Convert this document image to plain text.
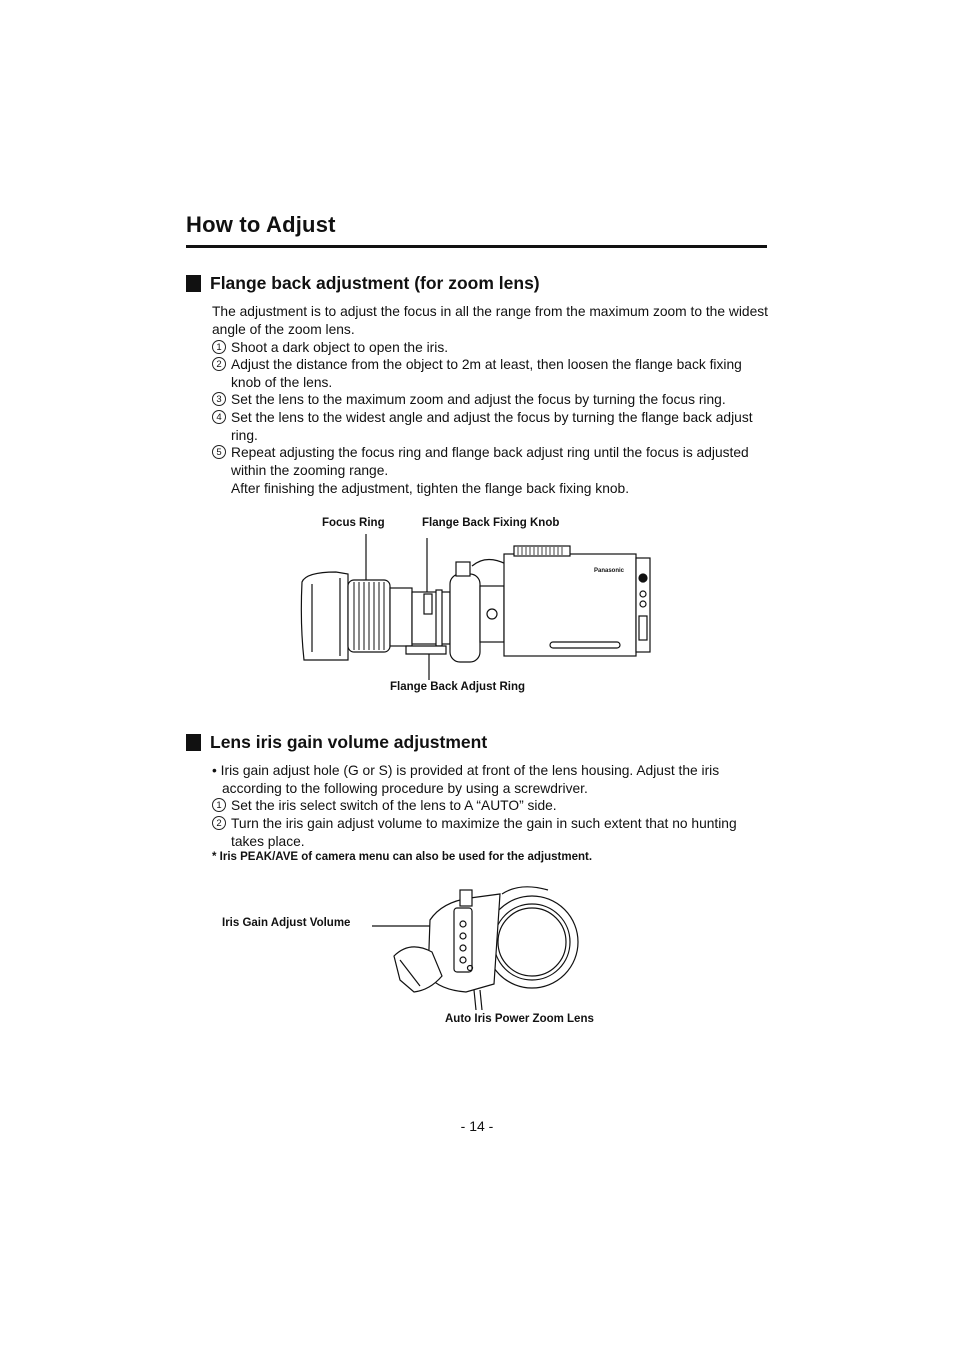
How to Adjust
Flange back adjustment (for zoom lens)
The adjustment is to adjust the focus in all the range from the maximum zoom to the widest angle of the zoom lens.
1 Shoot a dark object to open the iris.
2 Adjust the distance from the object to 2m at least, then loosen the flange back fixing knob of the lens.
3 Set the lens to the maximum zoom and adjust the focus by turning the focus ring.
4 Set the lens to the widest angle and adjust the focus by turning the flange back adjust ring.
5 Repeat adjusting the focus ring and flange back adjust ring until the focus is adjusted within the zooming range.
After finishing the adjustment, tighten the flange back fixing knob.
Focus Ring	Flange Back Fixing Knob
Flange Back Adjust Ring
Panasonic
Lens iris gain volume adjustment
• Iris gain adjust hole (G or S) is provided at front of the lens housing. Adjust the iris according to the following procedure by using a screwdriver.
1 Set the iris select switch of the lens to A “AUTO” side.
2 Turn the iris gain adjust volume to maximize the gain in such extent that no hunting takes place.
* Iris PEAK/AVE of camera menu can also be used for the adjustment.
Iris Gain Adjust Volume
Auto Iris Power Zoom Lens
- 14 -
